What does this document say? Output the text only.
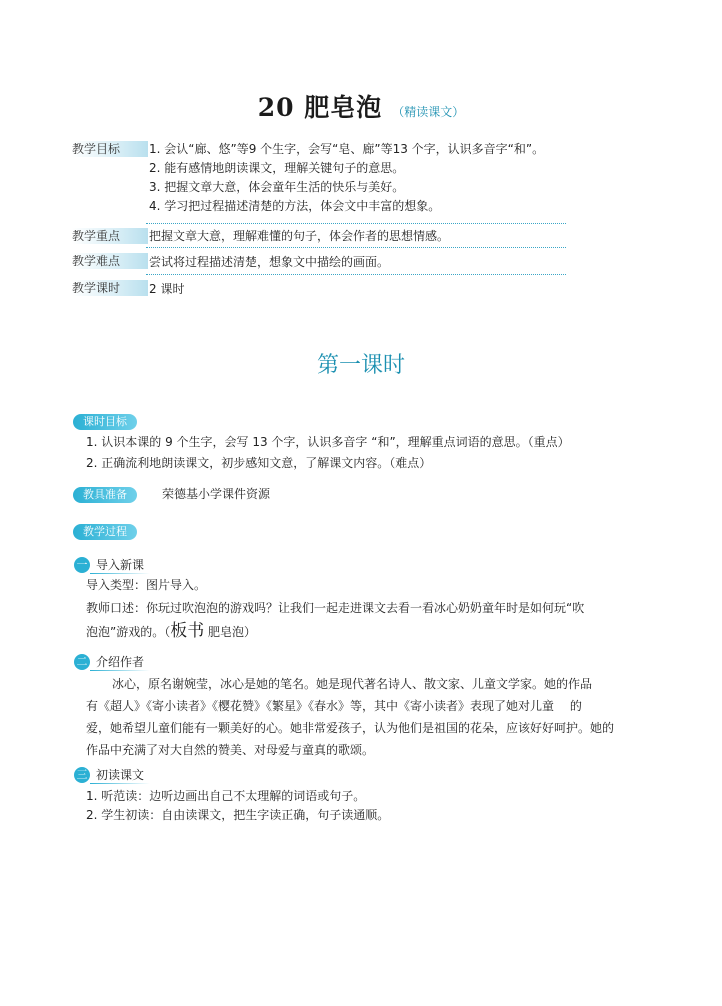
20 肥皂泡 （精读课文）
教学目标	1. 会认“廊、悠”等9 个生字，会写“皂、廊”等13 个字，认识多音字“和”。
2. 能有感情地朗读课文，理解关键句子的意思。
3. 把握文章大意，体会童年生活的快乐与美好。
4. 学习把过程描述清楚的方法，体会文中丰富的想象。
教学重点	把握文章大意，理解难懂的句子，体会作者的思想情感。
教学难点	尝试将过程描述清楚，想象文中描绘的画面。
教学课时	2 课时
第一课时
课时目标
1. 认识本课的 9 个生字，会写 13 个字，认识多音字 “和”，理解重点词语的意思。（重点）
2. 正确流利地朗读课文，初步感知文意，了解课文内容。（难点）
教具准备	荣德基小学课件资源
教学过程
一 导入新课
导入类型：图片导入。
教师口述：你玩过吹泡泡的游戏吗？让我们一起走进课文去看一看冰心奶奶童年时是如何玩“吹
泡泡”游戏的。（板书 肥皂泡）
二 介绍作者
冰心，原名谢婉莹，冰心是她的笔名。她是现代著名诗人、散文家、儿童文学家。她的作品
有《超人》《寄小读者》《樱花赞》《繁星》《春水》等，其中《寄小读者》表现了她对儿童　 的
爱，她希望儿童们能有一颗美好的心。她非常爱孩子，认为他们是祖国的花朵，应该好好呵护。她的
作品中充满了对大自然的赞美、对母爱与童真的歌颂。
三 初读课文
1. 听范读：边听边画出自己不太理解的词语或句子。
2. 学生初读：自由读课文，把生字读正确，句子读通顺。
